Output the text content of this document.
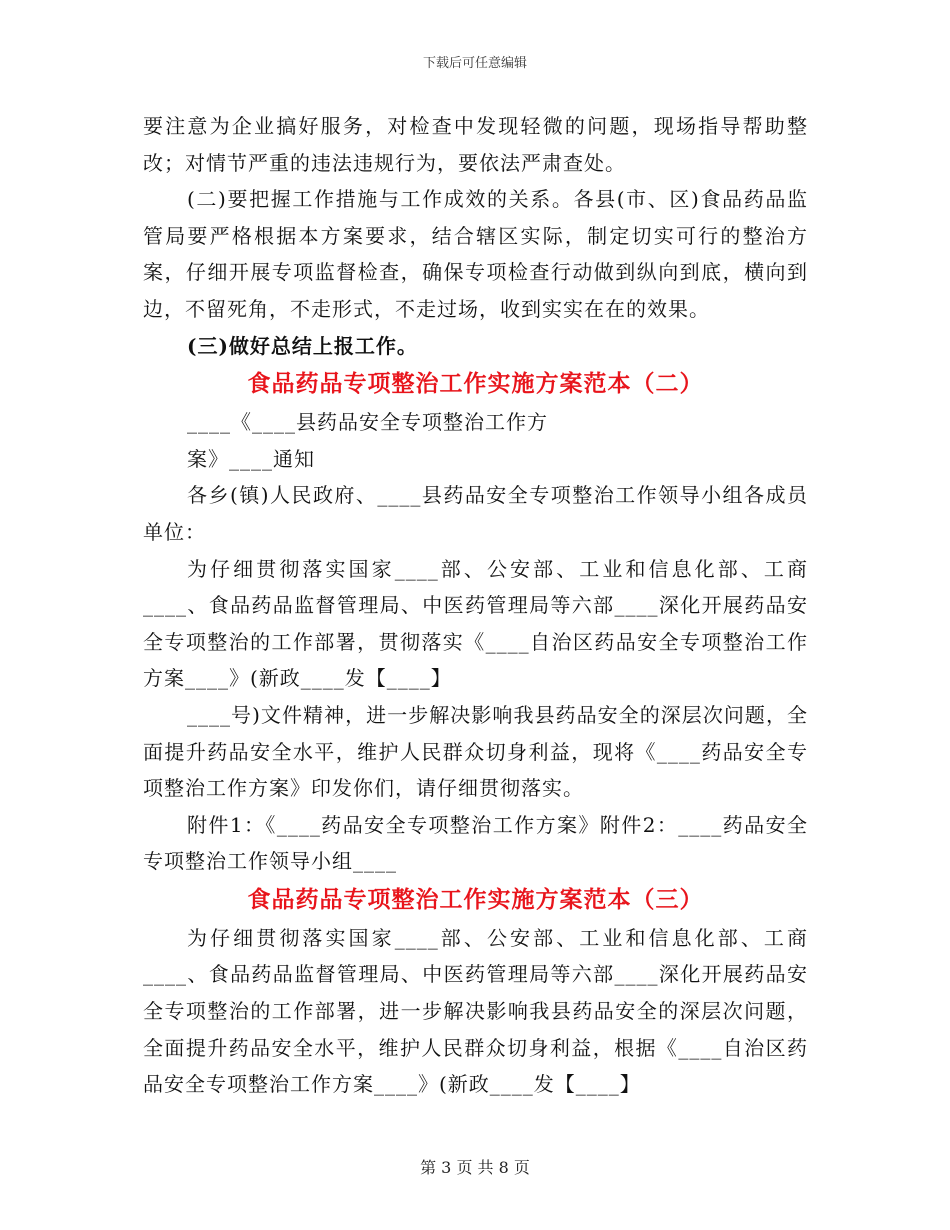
下载后可任意编辑

要注意为企业搞好服务，对检查中发现轻微的问题，现场指导帮助整改；对情节严重的违法违规行为，要依法严肃查处。

(二)要把握工作措施与工作成效的关系。各县(市、区)食品药品监管局要严格根据本方案要求，结合辖区实际，制定切实可行的整治方案，仔细开展专项监督检查，确保专项检查行动做到纵向到底，横向到边，不留死角，不走形式，不走过场，收到实实在在的效果。

(三)做好总结上报工作。

食品药品专项整治工作实施方案范本（二）

____《____县药品安全专项整治工作方

案》____通知

各乡(镇)人民政府、____县药品安全专项整治工作领导小组各成员单位：

为仔细贯彻落实国家____部、公安部、工业和信息化部、工商____、食品药品监督管理局、中医药管理局等六部____深化开展药品安全专项整治的工作部署，贯彻落实《____自治区药品安全专项整治工作方案____》(新政____发【____】

____号)文件精神，进一步解决影响我县药品安全的深层次问题，全面提升药品安全水平，维护人民群众切身利益，现将《____药品安全专项整治工作方案》印发你们，请仔细贯彻落实。

附件1：《____药品安全专项整治工作方案》附件2：____药品安全专项整治工作领导小组____

食品药品专项整治工作实施方案范本（三）

为仔细贯彻落实国家____部、公安部、工业和信息化部、工商____、食品药品监督管理局、中医药管理局等六部____深化开展药品安全专项整治的工作部署，进一步解决影响我县药品安全的深层次问题，全面提升药品安全水平，维护人民群众切身利益，根据《____自治区药品安全专项整治工作方案____》(新政____发【____】

第 3 页 共 8 页
